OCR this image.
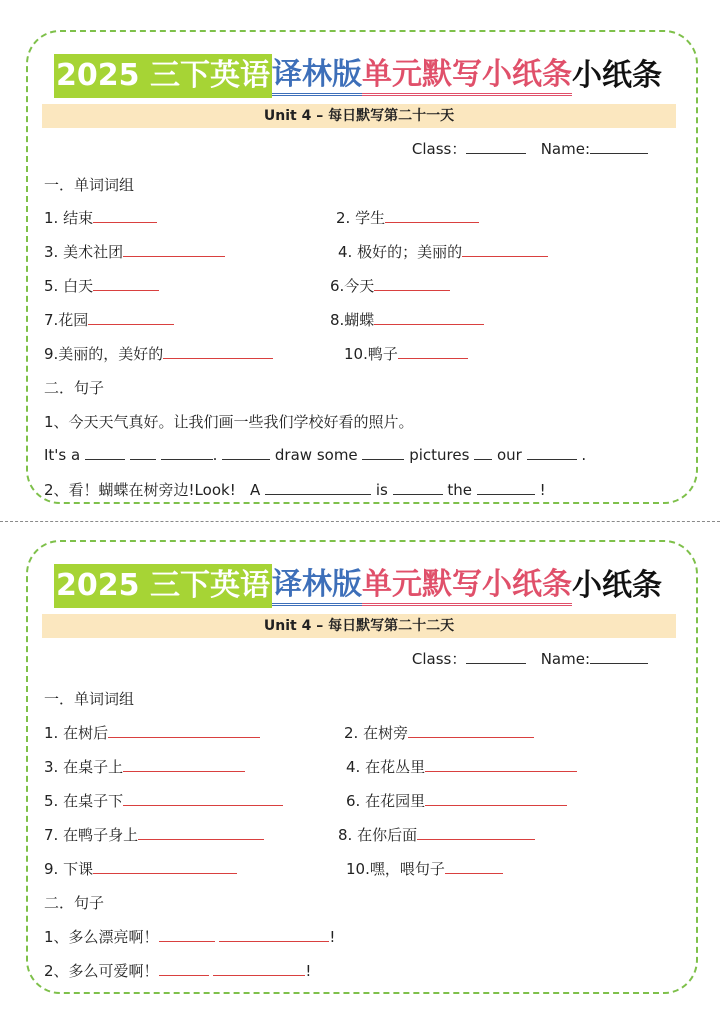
2025 三下英语 译林版 单元默写小纸条 小纸条
Unit 4 – 每日默写第二十一天
Class：	Name:
一．单词词组
1. 结束	2. 学生
3. 美术社团	4. 极好的；美丽的
5. 白天	6.今天
7.花园	8.蝴蝶
9.美丽的，美好的	10.鸭子
二．句子
1、今天天气真好。让我们画一些我们学校好看的照片。
It's a	.	draw some	pictures our	.
2、看！蝴蝶在树旁边!Look! A	is	the	!
2025 三下英语 译林版 单元默写小纸条 小纸条
Unit 4 – 每日默写第二十二天
Class：	Name:
一．单词词组
1. 在树后	2. 在树旁
3. 在桌子上	4. 在花丛里
5. 在桌子下	6. 在花园里
7. 在鸭子身上	8. 在你后面
9. 下课	10.嘿，喂句子
二．句子
1、多么漂亮啊！	!
2、多么可爱啊！	!
